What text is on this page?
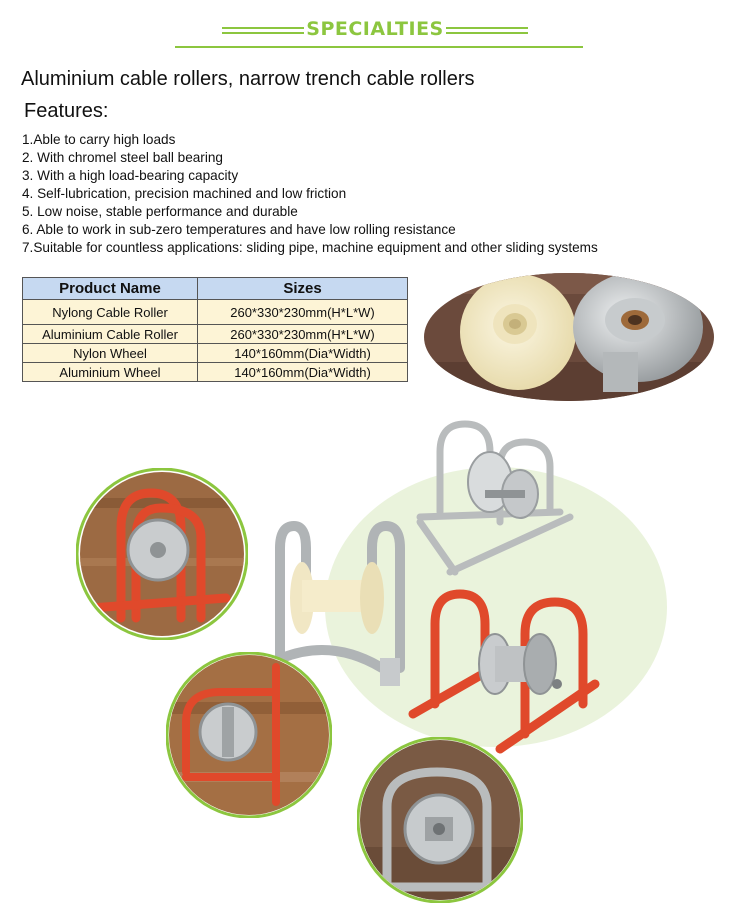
SPECIALTIES
Aluminium cable rollers, narrow trench cable rollers
Features:
1.Able to carry high loads
2. With chromel steel ball bearing
3. With a high load-bearing capacity
4. Self-lubrication, precision machined and low friction
5. Low noise, stable performance and durable
6. Able to work in sub-zero temperatures and have low rolling resistance
7.Suitable for countless applications: sliding pipe, machine equipment and other sliding systems
Product Name	Sizes
Nylong Cable Roller	260*330*230mm(H*L*W)
Aluminium Cable Roller	260*330*230mm(H*L*W)
Nylon Wheel	140*160mm(Dia*Width)
Aluminium Wheel	140*160mm(Dia*Width)
